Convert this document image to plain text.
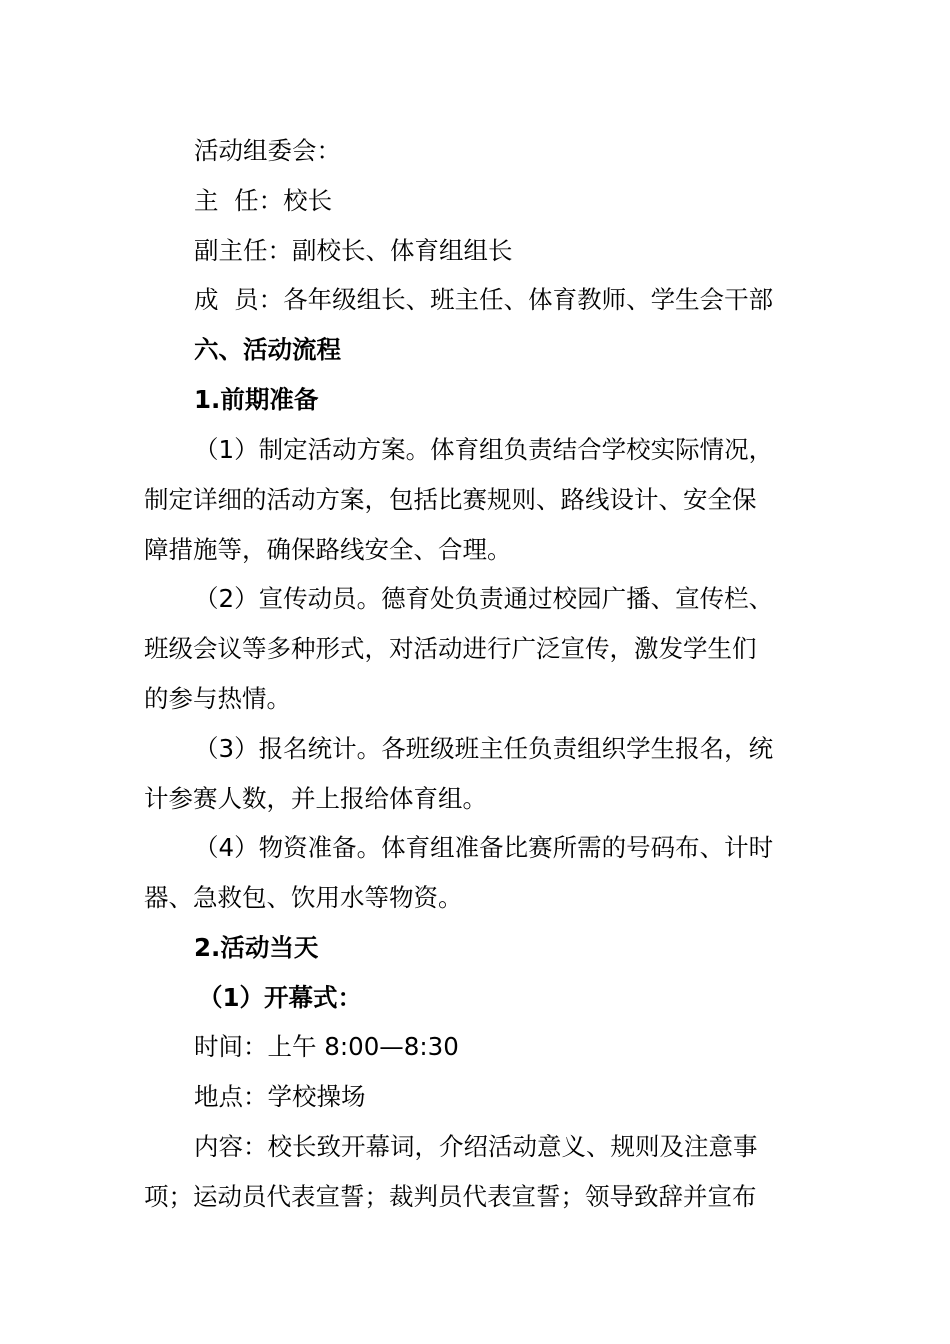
活动组委会：
主  任：校长
副主任：副校长、体育组组长
成  员：各年级组长、班主任、体育教师、学生会干部
六、活动流程
1.前期准备
（1）制定活动方案。体育组负责结合学校实际情况，
制定详细的活动方案，包括比赛规则、路线设计、安全保
障措施等，确保路线安全、合理。
（2）宣传动员。德育处负责通过校园广播、宣传栏、
班级会议等多种形式，对活动进行广泛宣传，激发学生们
的参与热情。
（3）报名统计。各班级班主任负责组织学生报名，统
计参赛人数，并上报给体育组。
（4）物资准备。体育组准备比赛所需的号码布、计时
器、急救包、饮用水等物资。
2.活动当天
（1）开幕式：
时间：上午 8:00—8:30
地点：学校操场
内容：校长致开幕词，介绍活动意义、规则及注意事
项；运动员代表宣誓；裁判员代表宣誓；领导致辞并宣布
